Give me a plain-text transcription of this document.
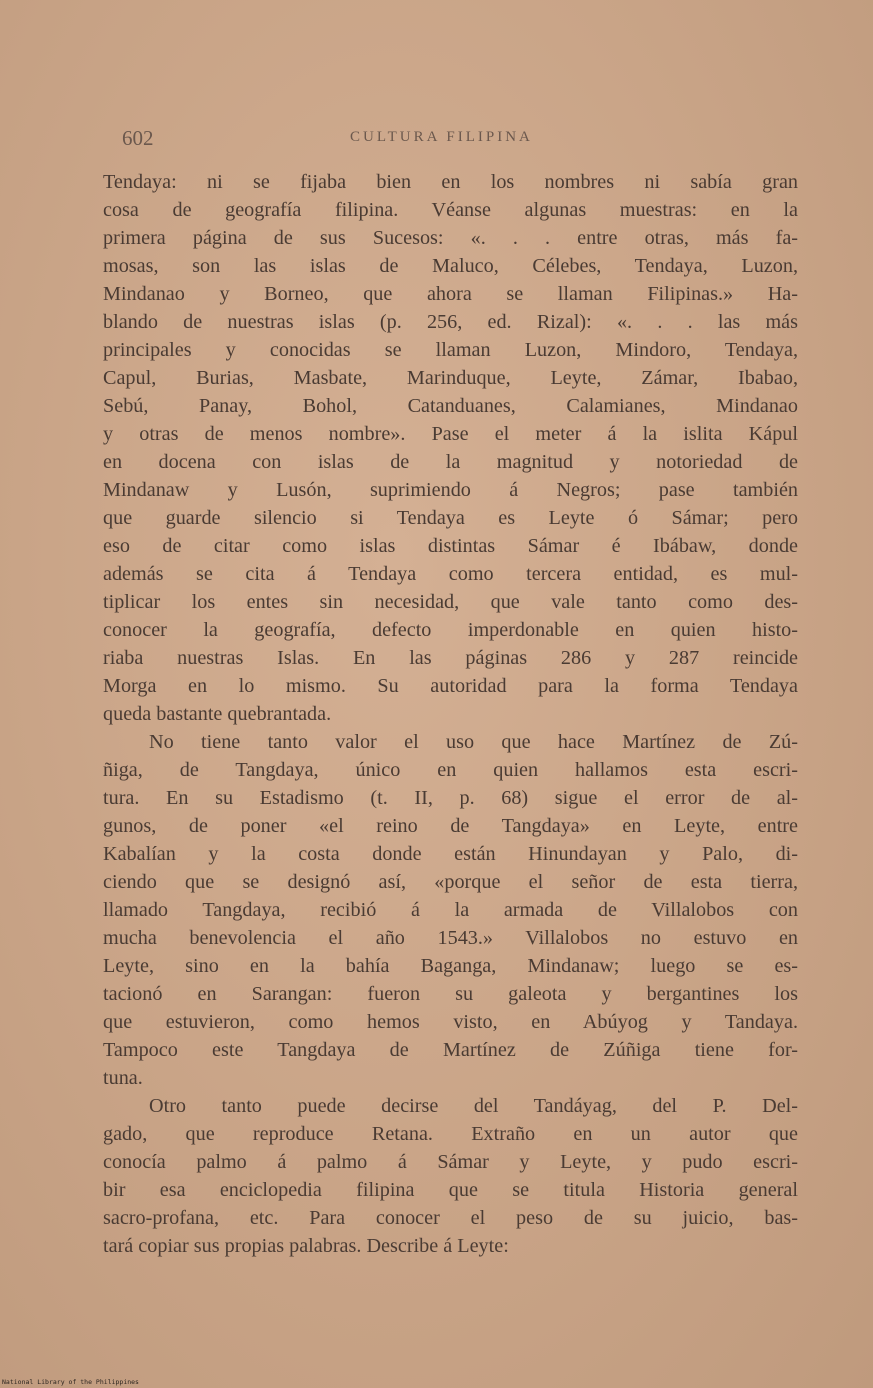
602	CULTURA FILIPINA
Tendaya: ni se fijaba bien en los nombres ni sabía gran
cosa de geografía filipina. Véanse algunas muestras: en la
primera página de sus Sucesos: «. . . entre otras, más fa-
mosas, son las islas de Maluco, Célebes, Tendaya, Luzon,
Mindanao y Borneo, que ahora se llaman Filipinas.» Ha-
blando de nuestras islas (p. 256, ed. Rizal): «. . . las más
principales y conocidas se llaman Luzon, Mindoro, Tendaya,
Capul, Burias, Masbate, Marinduque, Leyte, Zámar, Ibabao,
Sebú, Panay, Bohol, Catanduanes, Calamianes, Mindanao
y otras de menos nombre». Pase el meter á la islita Kápul
en docena con islas de la magnitud y notoriedad de
Mindanaw y Lusón, suprimiendo á Negros; pase también
que guarde silencio si Tendaya es Leyte ó Sámar; pero
eso de citar como islas distintas Sámar é Ibábaw, donde
además se cita á Tendaya como tercera entidad, es mul-
tiplicar los entes sin necesidad, que vale tanto como des-
conocer la geografía, defecto imperdonable en quien histo-
riaba nuestras Islas. En las páginas 286 y 287 reincide
Morga en lo mismo. Su autoridad para la forma Tendaya
queda bastante quebrantada.
No tiene tanto valor el uso que hace Martínez de Zú-
ñiga, de Tangdaya, único en quien hallamos esta escri-
tura. En su Estadismo (t. II, p. 68) sigue el error de al-
gunos, de poner «el reino de Tangdaya» en Leyte, entre
Kabalían y la costa donde están Hinundayan y Palo, di-
ciendo que se designó así, «porque el señor de esta tierra,
llamado Tangdaya, recibió á la armada de Villalobos con
mucha benevolencia el año 1543.» Villalobos no estuvo en
Leyte, sino en la bahía Baganga, Mindanaw; luego se es-
tacionó en Sarangan: fueron su galeota y bergantines los
que estuvieron, como hemos visto, en Abúyog y Tandaya.
Tampoco este Tangdaya de Martínez de Zúñiga tiene for-
tuna.
Otro tanto puede decirse del Tandáyag, del P. Del-
gado, que reproduce Retana. Extraño en un autor que
conocía palmo á palmo á Sámar y Leyte, y pudo escri-
bir esa enciclopedia filipina que se titula Historia general
sacro-profana, etc. Para conocer el peso de su juicio, bas-
tará copiar sus propias palabras. Describe á Leyte:
National Library of the Philippines
